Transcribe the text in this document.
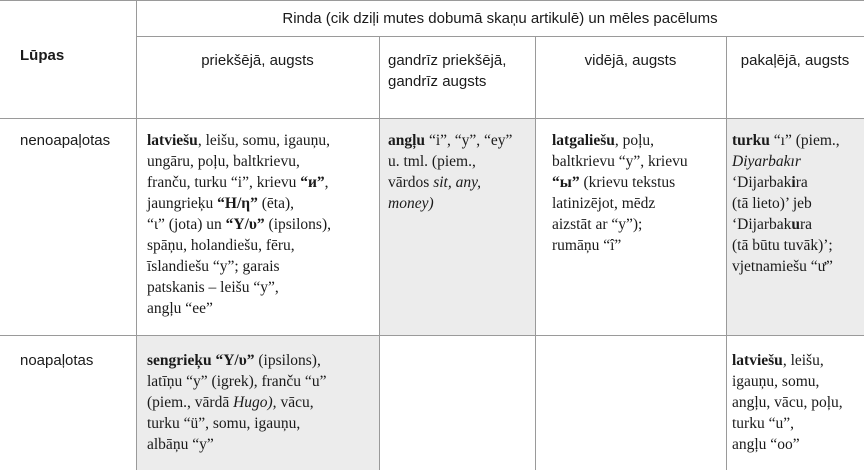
Lūpas
Rinda (cik dziļi mutes dobumā skaņu artikulē) un mēles pacēlums
priekšējā, augsts	gandrīz priekšējā,
gandrīz augsts
vidējā, augsts	pakaļējā, augsts
nenoapaļotas
noapaļotas
latviešu, leišu, somu, igauņu,
ungāru, poļu, baltkrievu,
franču, turku “i”, krievu “и”,
jaungrieķu “Η/η” (ēta),
“ι” (jota) un “Υ/υ” (ipsilons),
spāņu, holandiešu, fēru,
īslandiešu “y”; garais
patskanis – leišu “y”,
angļu “ee”
angļu “i”, “y”, “ey”
u. tml. (piem.,
vārdos sit, any,
money)
latgaliešu, poļu,
baltkrievu “y”, krievu
“ы” (krievu tekstus
latinizējot, mēdz
aizstāt ar “y”);
rumāņu “î”
turku “ı” (piem.,
Diyarbakır
‘Dijarbakira
(tā lieto)’ jeb
‘Dijarbakura
(tā būtu tuvāk)’;
vjetnamiešu “ư”
sengrieķu “Υ/υ” (ipsilons),
latīņu “y” (igrek), franču “u”
(piem., vārdā Hugo), vācu,
turku “ü”, somu, igauņu,
albāņu “y”
latviešu, leišu,
igauņu, somu,
angļu, vācu, poļu,
turku “u”,
angļu “oo”
